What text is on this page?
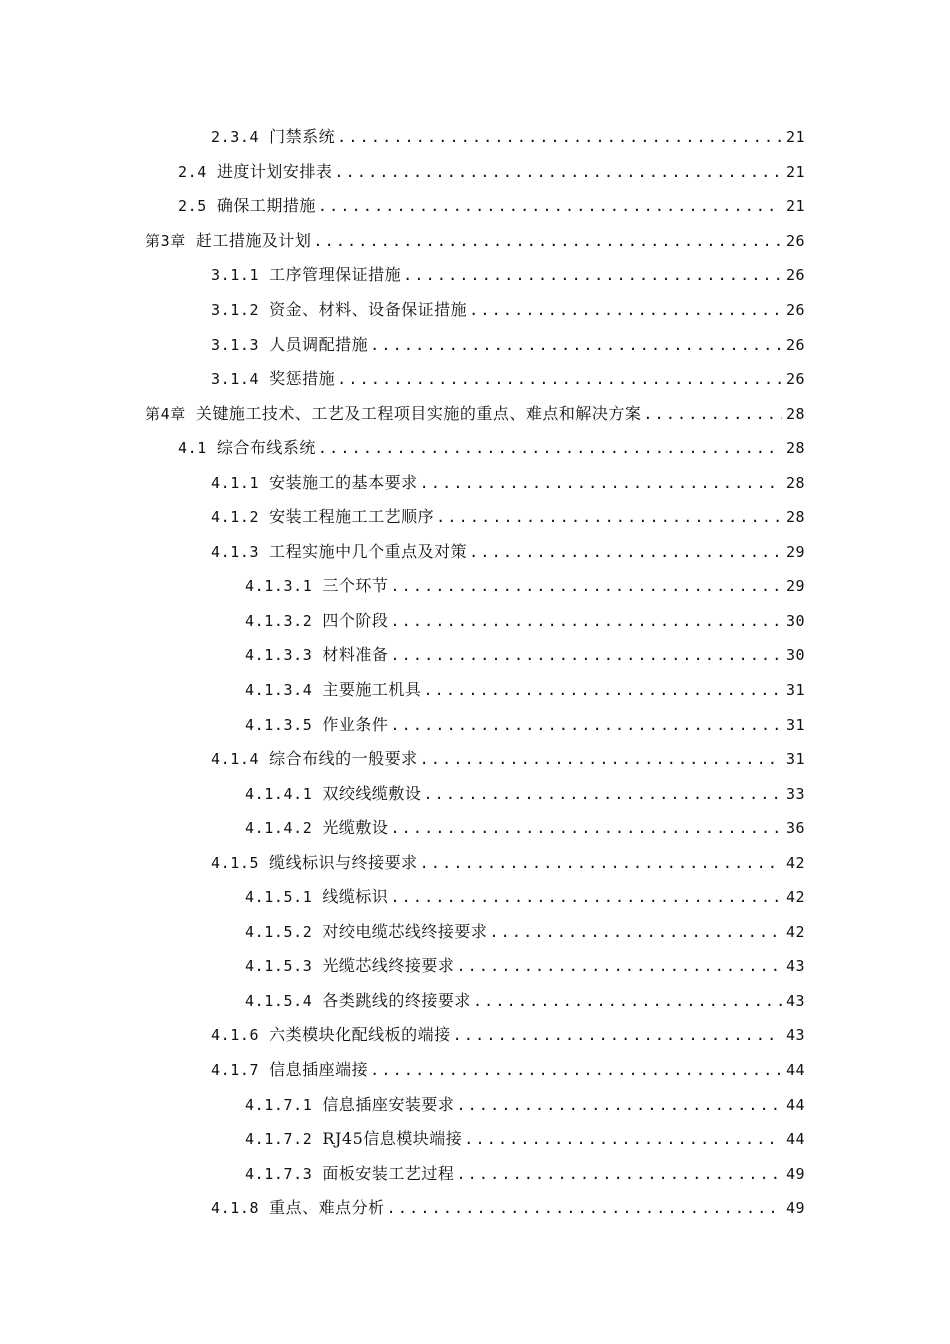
2.3.4 门禁系统 .....	21
2.4 进度计划安排表 .....	21
2.5 确保工期措施 .....	21
第3章 赶工措施及计划 .....	26
3.1.1 工序管理保证措施 .....	26
3.1.2 资金、材料、设备保证措施 .....	26
3.1.3 人员调配措施 .....	26
3.1.4 奖惩措施 .....	26
第4章 关键施工技术、工艺及工程项目实施的重点、难点和解决方案 .....	28
4.1 综合布线系统 .....	28
4.1.1 安装施工的基本要求 .....	28
4.1.2 安装工程施工工艺顺序 .....	28
4.1.3 工程实施中几个重点及对策 .....	29
4.1.3.1 三个环节 .....	29
4.1.3.2 四个阶段 .....	30
4.1.3.3 材料准备 .....	30
4.1.3.4 主要施工机具 .....	31
4.1.3.5 作业条件 .....	31
4.1.4 综合布线的一般要求 .....	31
4.1.4.1 双绞线缆敷设 .....	33
4.1.4.2 光缆敷设 .....	36
4.1.5 缆线标识与终接要求 .....	42
4.1.5.1 线缆标识 .....	42
4.1.5.2 对绞电缆芯线终接要求 .....	42
4.1.5.3 光缆芯线终接要求 .....	43
4.1.5.4 各类跳线的终接要求 .....	43
4.1.6 六类模块化配线板的端接 .....	43
4.1.7 信息插座端接 .....	44
4.1.7.1 信息插座安装要求 .....	44
4.1.7.2 RJ45信息模块端接 .....	44
4.1.7.3 面板安装工艺过程 .....	49
4.1.8 重点、难点分析 .....	49
